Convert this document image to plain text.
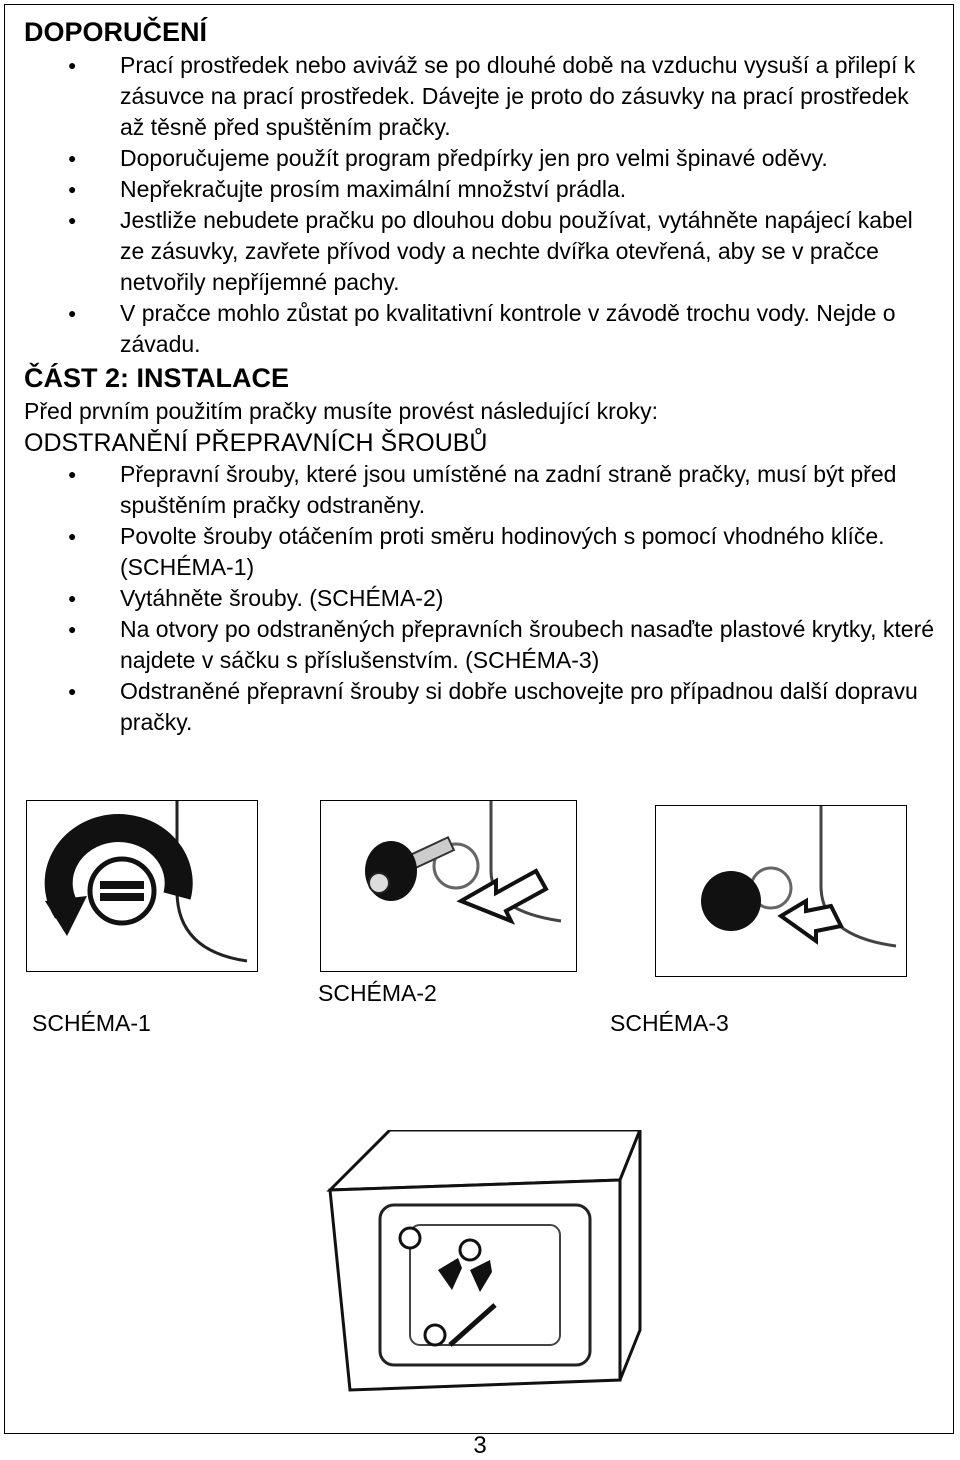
DOPORUČENÍ
● Prací prostředek nebo aviváž se po dlouhé době na vzduchu vysuší a přilepí k zásuvce na prací prostředek. Dávejte je proto do zásuvky na prací prostředek až těsně před spuštěním pračky.
● Doporučujeme použít program předpírky jen pro velmi špinavé oděvy.
● Nepřekračujte prosím maximální množství prádla.
● Jestliže nebudete pračku po dlouhou dobu používat, vytáhněte napájecí kabel ze zásuvky, zavřete přívod vody a nechte dvířka otevřená, aby se v pračce netvořily nepříjemné pachy.
● V pračce mohlo zůstat po kvalitativní kontrole v závodě trochu vody. Nejde o závadu.
ČÁST 2: INSTALACE

Před prvním použitím pračky musíte provést následující kroky:

ODSTRANĚNÍ PŘEPRAVNÍCH ŠROUBŮ
● Přepravní šrouby, které jsou umístěné na zadní straně pračky, musí být před spuštěním pračky odstraněny.
● Povolte šrouby otáčením proti směru hodinových s pomocí vhodného klíče. (SCHÉMA-1)
● Vytáhněte šrouby. (SCHÉMA-2)
● Na otvory po odstraněných přepravních šroubech nasaďte plastové krytky, které najdete v sáčku s příslušenstvím. (SCHÉMA-3)
● Odstraněné přepravní šrouby si dobře uschovejte pro případnou další dopravu pračky.
SCHÉMA-1
SCHÉMA-2
SCHÉMA-3
3
